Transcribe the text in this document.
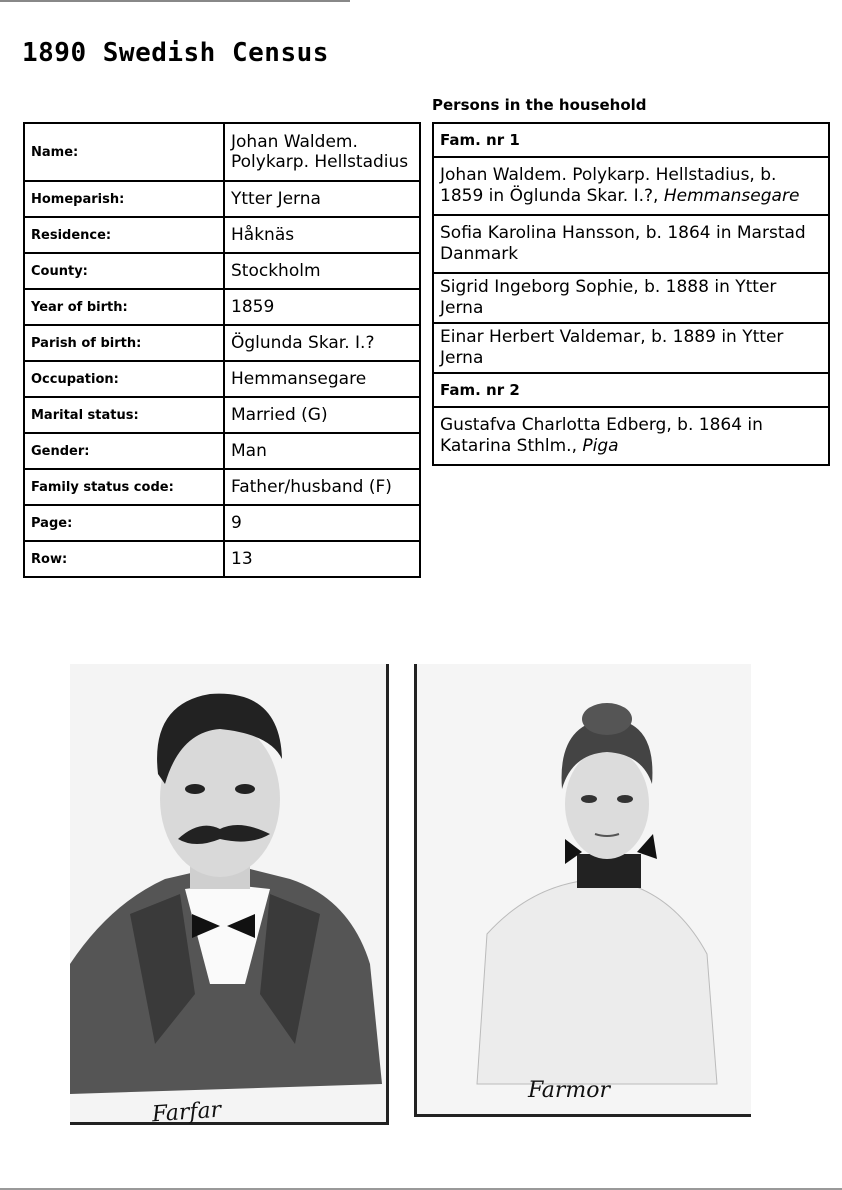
1890 Swedish Census
Name:	Johan Waldem. Polykarp. Hellstadius
Homeparish:	Ytter Jerna
Residence:	Håknäs
County:	Stockholm
Year of birth:	1859
Parish of birth:	Öglunda Skar. I.?
Occupation:	Hemmansegare
Marital status:	Married (G)
Gender:	Man
Family status code:	Father/husband (F)
Page:	9
Row:	13
Persons in the household
Fam. nr 1
Johan Waldem. Polykarp. Hellstadius, b. 1859 in Öglunda Skar. I.?, Hemmansegare
Sofia Karolina Hansson, b. 1864 in Marstad Danmark
Sigrid Ingeborg Sophie, b. 1888 in Ytter Jerna
Einar Herbert Valdemar, b. 1889 in Ytter Jerna
Fam. nr 2
Gustafva Charlotta Edberg, b. 1864 in Katarina Sthlm., Piga
Farfar
Farmor
